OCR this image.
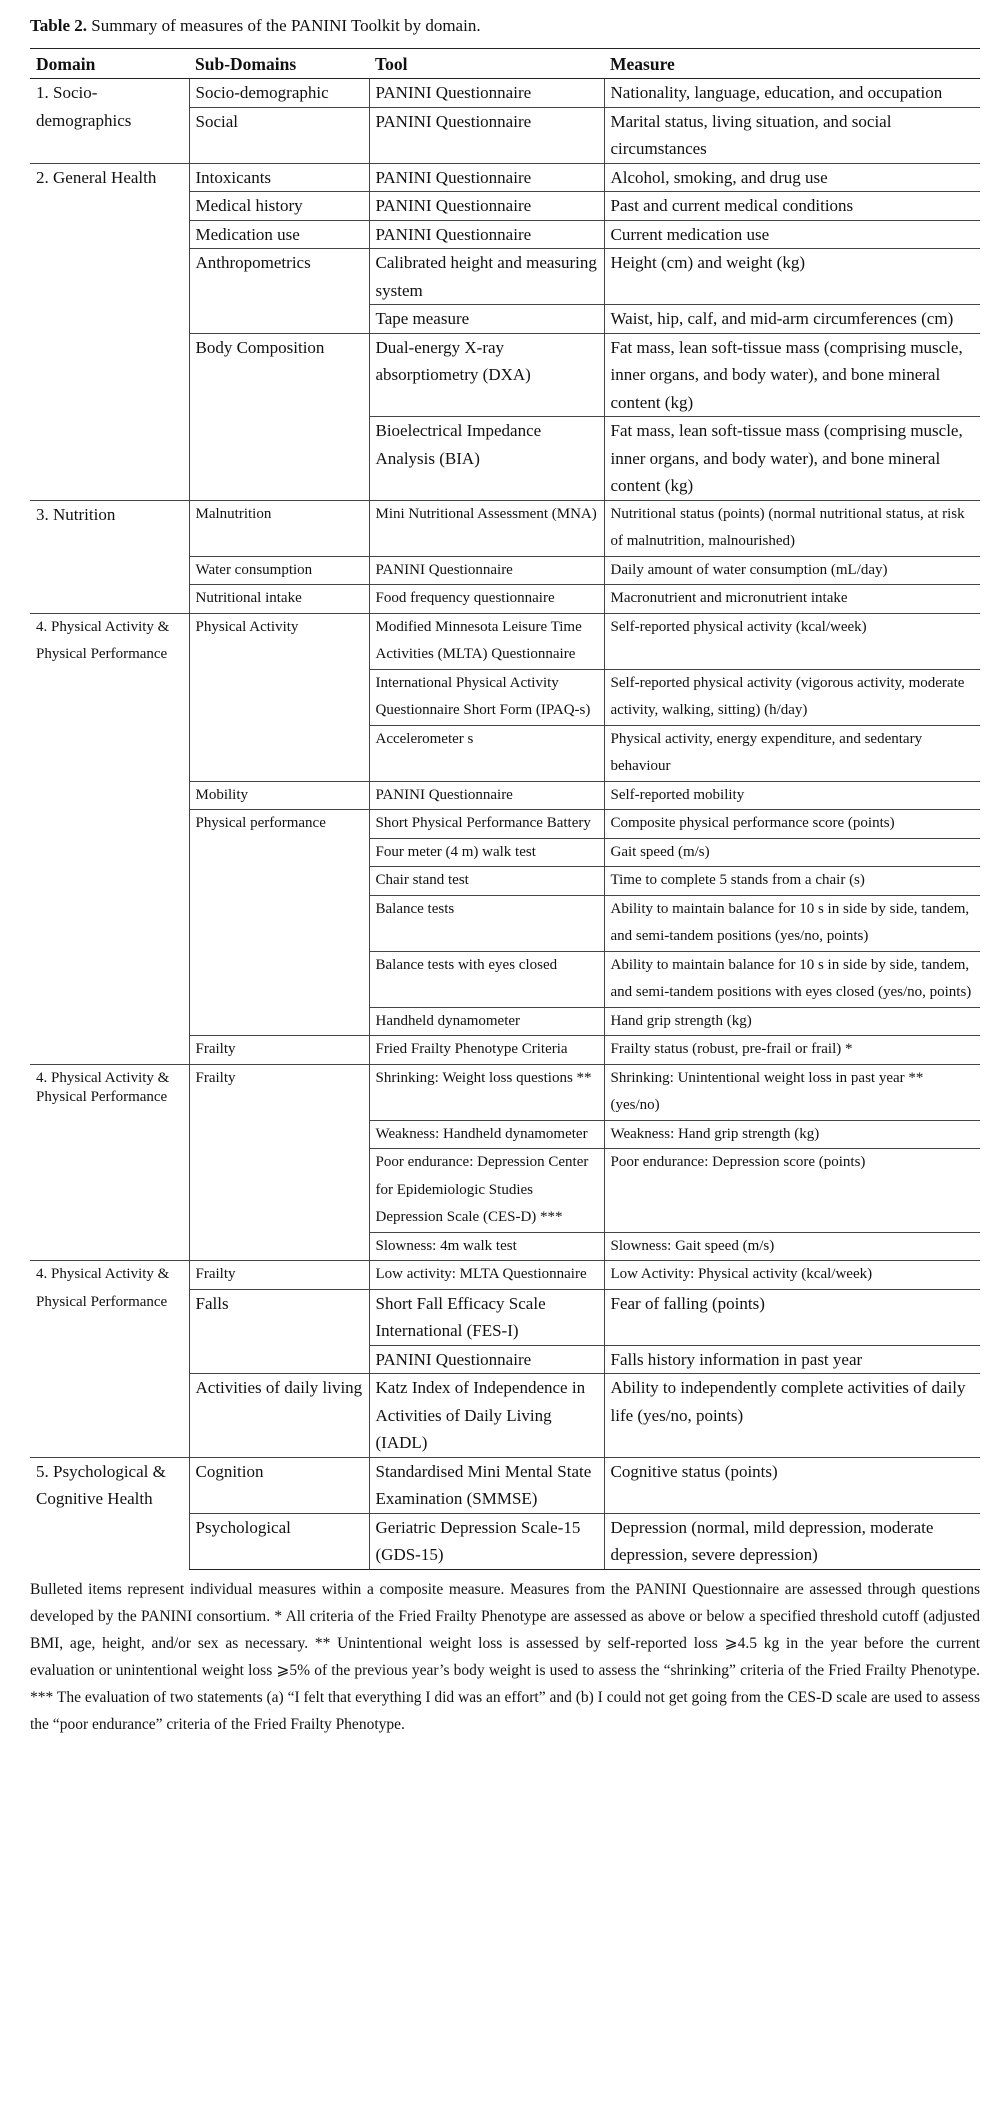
Table 2. Summary of measures of the PANINI Toolkit by domain.
Domain	Sub-Domains	Tool	Measure
1. Socio-demographics	Socio-demographic	PANINI Questionnaire	Nationality, language, education, and occupation
	Social	PANINI Questionnaire	Marital status, living situation, and social circumstances
2. General Health	Intoxicants	PANINI Questionnaire	Alcohol, smoking, and drug use
	Medical history	PANINI Questionnaire	Past and current medical conditions
	Medication use	PANINI Questionnaire	Current medication use
	Anthropometrics	Calibrated height and measuring system	Height (cm) and weight (kg)
		Tape measure	Waist, hip, calf, and mid-arm circumferences (cm)
	Body Composition	Dual-energy X-ray absorptiometry (DXA)	Fat mass, lean soft-tissue mass (comprising muscle, inner organs, and body water), and bone mineral content (kg)
		Bioelectrical Impedance Analysis (BIA)	Fat mass, lean soft-tissue mass (comprising muscle, inner organs, and body water), and bone mineral content (kg)
3. Nutrition	Malnutrition	Mini Nutritional Assessment (MNA)	Nutritional status (points) (normal nutritional status, at risk of malnutrition, malnourished)
	Water consumption	PANINI Questionnaire	Daily amount of water consumption (mL/day)
	Nutritional intake	Food frequency questionnaire	Macronutrient and micronutrient intake
4. Physical Activity & Physical Performance	Physical Activity	Modified Minnesota Leisure Time Activities (MLTA) Questionnaire	Self-reported physical activity (kcal/week)
		International Physical Activity Questionnaire Short Form (IPAQ-s)	Self-reported physical activity (vigorous activity, moderate activity, walking, sitting) (h/day)
		Accelerometer s	Physical activity, energy expenditure, and sedentary behaviour
	Mobility	PANINI Questionnaire	Self-reported mobility
	Physical performance	Short Physical Performance Battery	Composite physical performance score (points)
		Four meter (4 m) walk test	Gait speed (m/s)
		Chair stand test	Time to complete 5 stands from a chair (s)
		Balance tests	Ability to maintain balance for 10 s in side by side, tandem, and semi-tandem positions (yes/no, points)
		Balance tests with eyes closed	Ability to maintain balance for 10 s in side by side, tandem, and semi-tandem positions with eyes closed (yes/no, points)
		Handheld dynamometer	Hand grip strength (kg)
	Frailty	Fried Frailty Phenotype Criteria	Frailty status (robust, pre-frail or frail) *
4. Physical Activity & Physical Performance	Frailty	Shrinking: Weight loss questions **	Shrinking: Unintentional weight loss in past year ** (yes/no)
		Weakness: Handheld dynamometer	Weakness: Hand grip strength (kg)
		Poor endurance: Depression Center for Epidemiologic Studies Depression Scale (CES-D) ***	Poor endurance: Depression score (points)
		Slowness: 4m walk test	Slowness: Gait speed (m/s)
4. Physical Activity & Physical Performance	Frailty	Low activity: MLTA Questionnaire	Low Activity: Physical activity (kcal/week)
	Falls	Short Fall Efficacy Scale International (FES-I)	Fear of falling (points)
		PANINI Questionnaire	Falls history information in past year
	Activities of daily living	Katz Index of Independence in Activities of Daily Living (IADL)	Ability to independently complete activities of daily life (yes/no, points)
5. Psychological & Cognitive Health	Cognition	Standardised Mini Mental State Examination (SMMSE)	Cognitive status (points)
	Psychological	Geriatric Depression Scale-15 (GDS-15)	Depression (normal, mild depression, moderate depression, severe depression)
Bulleted items represent individual measures within a composite measure. Measures from the PANINI Questionnaire are assessed through questions developed by the PANINI consortium. * All criteria of the Fried Frailty Phenotype are assessed as above or below a specified threshold cutoff (adjusted BMI, age, height, and/or sex as necessary. ** Unintentional weight loss is assessed by self-reported loss ⩾4.5 kg in the year before the current evaluation or unintentional weight loss ⩾5% of the previous year’s body weight is used to assess the “shrinking” criteria of the Fried Frailty Phenotype. *** The evaluation of two statements (a) “I felt that everything I did was an effort” and (b) I could not get going from the CES-D scale are used to assess the “poor endurance” criteria of the Fried Frailty Phenotype.
